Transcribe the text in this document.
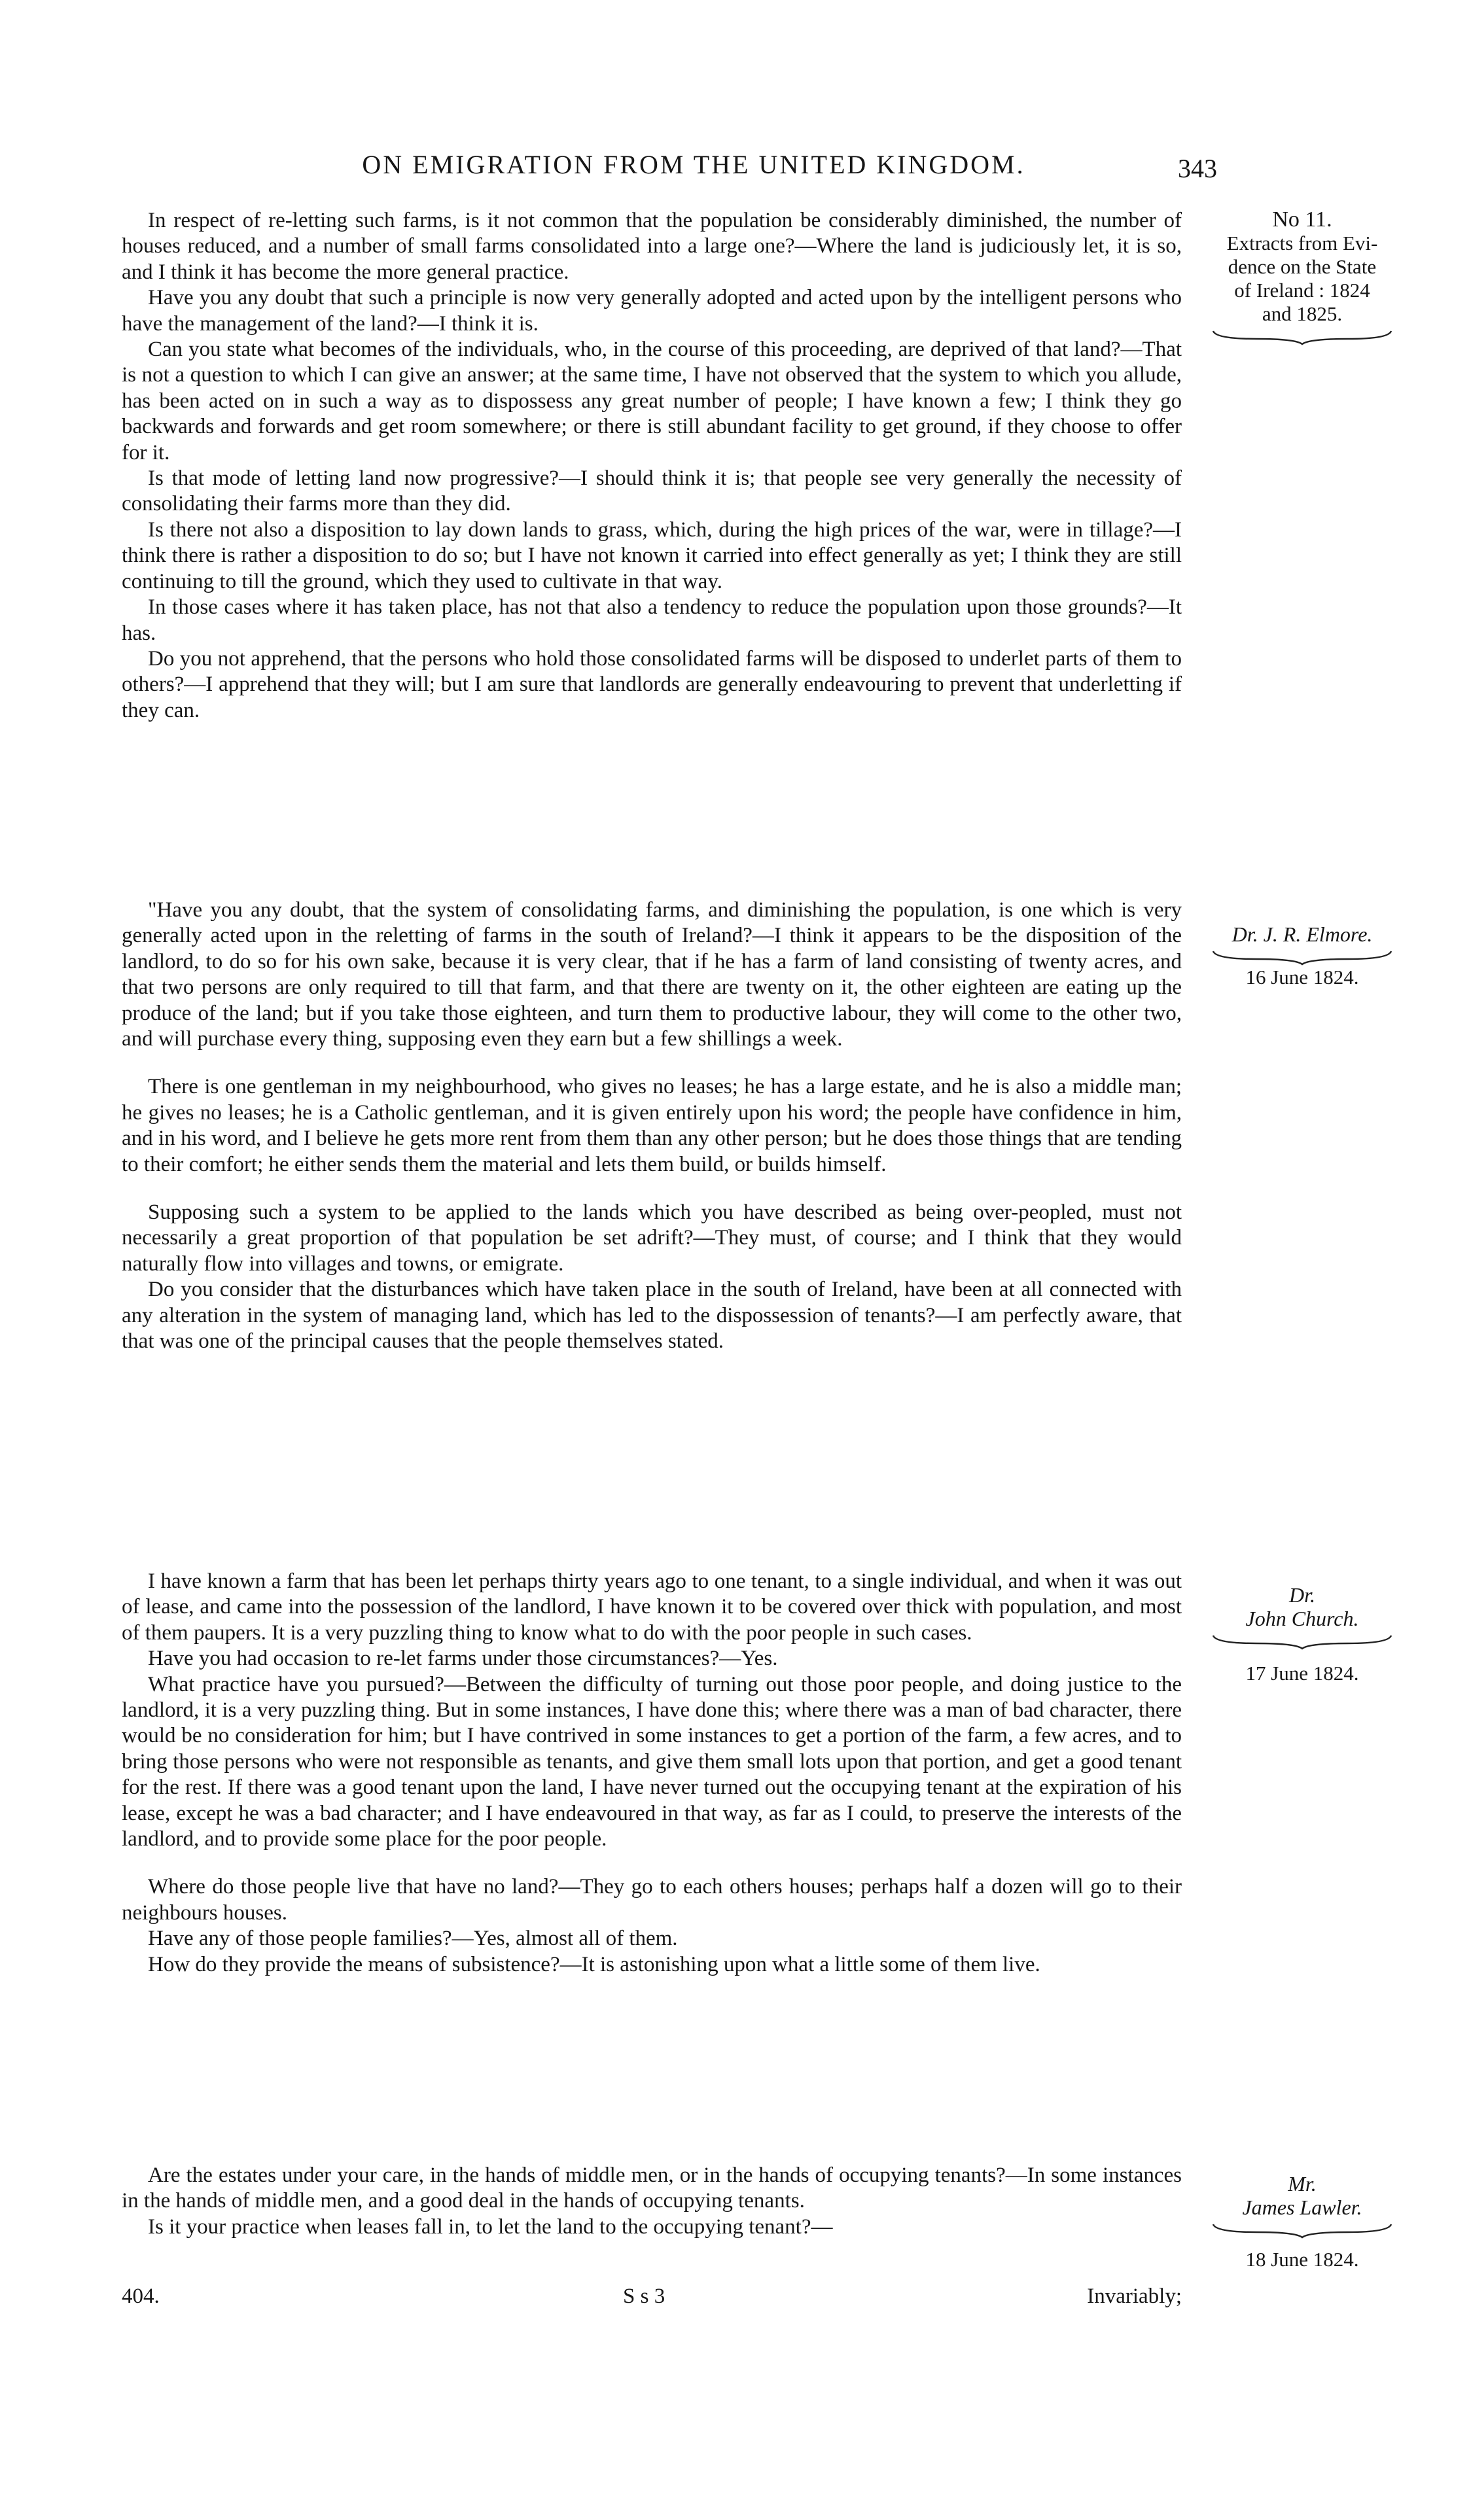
ON EMIGRATION FROM THE UNITED KINGDOM.	343

In respect of re-letting such farms, is it not common that the population be considerably diminished, the number of houses reduced, and a number of small farms consolidated into a large one?—Where the land is judiciously let, it is so, and I think it has become the more general practice.

Have you any doubt that such a principle is now very generally adopted and acted upon by the intelligent persons who have the management of the land?—I think it is.

Can you state what becomes of the individuals, who, in the course of this proceeding, are deprived of that land?—That is not a question to which I can give an answer; at the same time, I have not observed that the system to which you allude, has been acted on in such a way as to dispossess any great number of people; I have known a few; I think they go backwards and forwards and get room somewhere; or there is still abundant facility to get ground, if they choose to offer for it.

Is that mode of letting land now progressive?—I should think it is; that people see very generally the necessity of consolidating their farms more than they did.

Is there not also a disposition to lay down lands to grass, which, during the high prices of the war, were in tillage?—I think there is rather a disposition to do so; but I have not known it carried into effect generally as yet; I think they are still continuing to till the ground, which they used to cultivate in that way.

In those cases where it has taken place, has not that also a tendency to reduce the population upon those grounds?—It has.

Do you not apprehend, that the persons who hold those consolidated farms will be disposed to underlet parts of them to others?—I apprehend that they will; but I am sure that landlords are generally endeavouring to prevent that underletting if they can.

No 11.
Extracts from Evi-
dence on the State
of Ireland : 1824
and 1825.

"Have you any doubt, that the system of consolidating farms, and diminishing the population, is one which is very generally acted upon in the reletting of farms in the south of Ireland?—I think it appears to be the disposition of the landlord, to do so for his own sake, because it is very clear, that if he has a farm of land consisting of twenty acres, and that two persons are only required to till that farm, and that there are twenty on it, the other eighteen are eating up the produce of the land; but if you take those eighteen, and turn them to productive labour, they will come to the other two, and will purchase every thing, supposing even they earn but a few shillings a week.

There is one gentleman in my neighbourhood, who gives no leases; he has a large estate, and he is also a middle man; he gives no leases; he is a Catholic gentleman, and it is given entirely upon his word; the people have confidence in him, and in his word, and I believe he gets more rent from them than any other person; but he does those things that are tending to their comfort; he either sends them the material and lets them build, or builds himself.

Supposing such a system to be applied to the lands which you have described as being over-peopled, must not necessarily a great proportion of that population be set adrift?—They must, of course; and I think that they would naturally flow into villages and towns, or emigrate.

Do you consider that the disturbances which have taken place in the south of Ireland, have been at all connected with any alteration in the system of managing land, which has led to the dispossession of tenants?—I am perfectly aware, that that was one of the principal causes that the people themselves stated.

Dr. J. R. Elmore.
16 June 1824.

I have known a farm that has been let perhaps thirty years ago to one tenant, to a single individual, and when it was out of lease, and came into the possession of the landlord, I have known it to be covered over thick with population, and most of them paupers. It is a very puzzling thing to know what to do with the poor people in such cases.

Have you had occasion to re-let farms under those circumstances?—Yes.

What practice have you pursued?—Between the difficulty of turning out those poor people, and doing justice to the landlord, it is a very puzzling thing. But in some instances, I have done this; where there was a man of bad character, there would be no consideration for him; but I have contrived in some instances to get a portion of the farm, a few acres, and to bring those persons who were not responsible as tenants, and give them small lots upon that portion, and get a good tenant for the rest. If there was a good tenant upon the land, I have never turned out the occupying tenant at the expiration of his lease, except he was a bad character; and I have endeavoured in that way, as far as I could, to preserve the interests of the landlord, and to provide some place for the poor people.

Where do those people live that have no land?—They go to each others houses; perhaps half a dozen will go to their neighbours houses.

Have any of those people families?—Yes, almost all of them.

How do they provide the means of subsistence?—It is astonishing upon what a little some of them live.

Dr.
John Church.
17 June 1824.

Are the estates under your care, in the hands of middle men, or in the hands of occupying tenants?—In some instances in the hands of middle men, and a good deal in the hands of occupying tenants.

Is it your practice when leases fall in, to let the land to the occupying tenant?—

Mr.
James Lawler.
18 June 1824.
404.	S s 3	Invariably;
